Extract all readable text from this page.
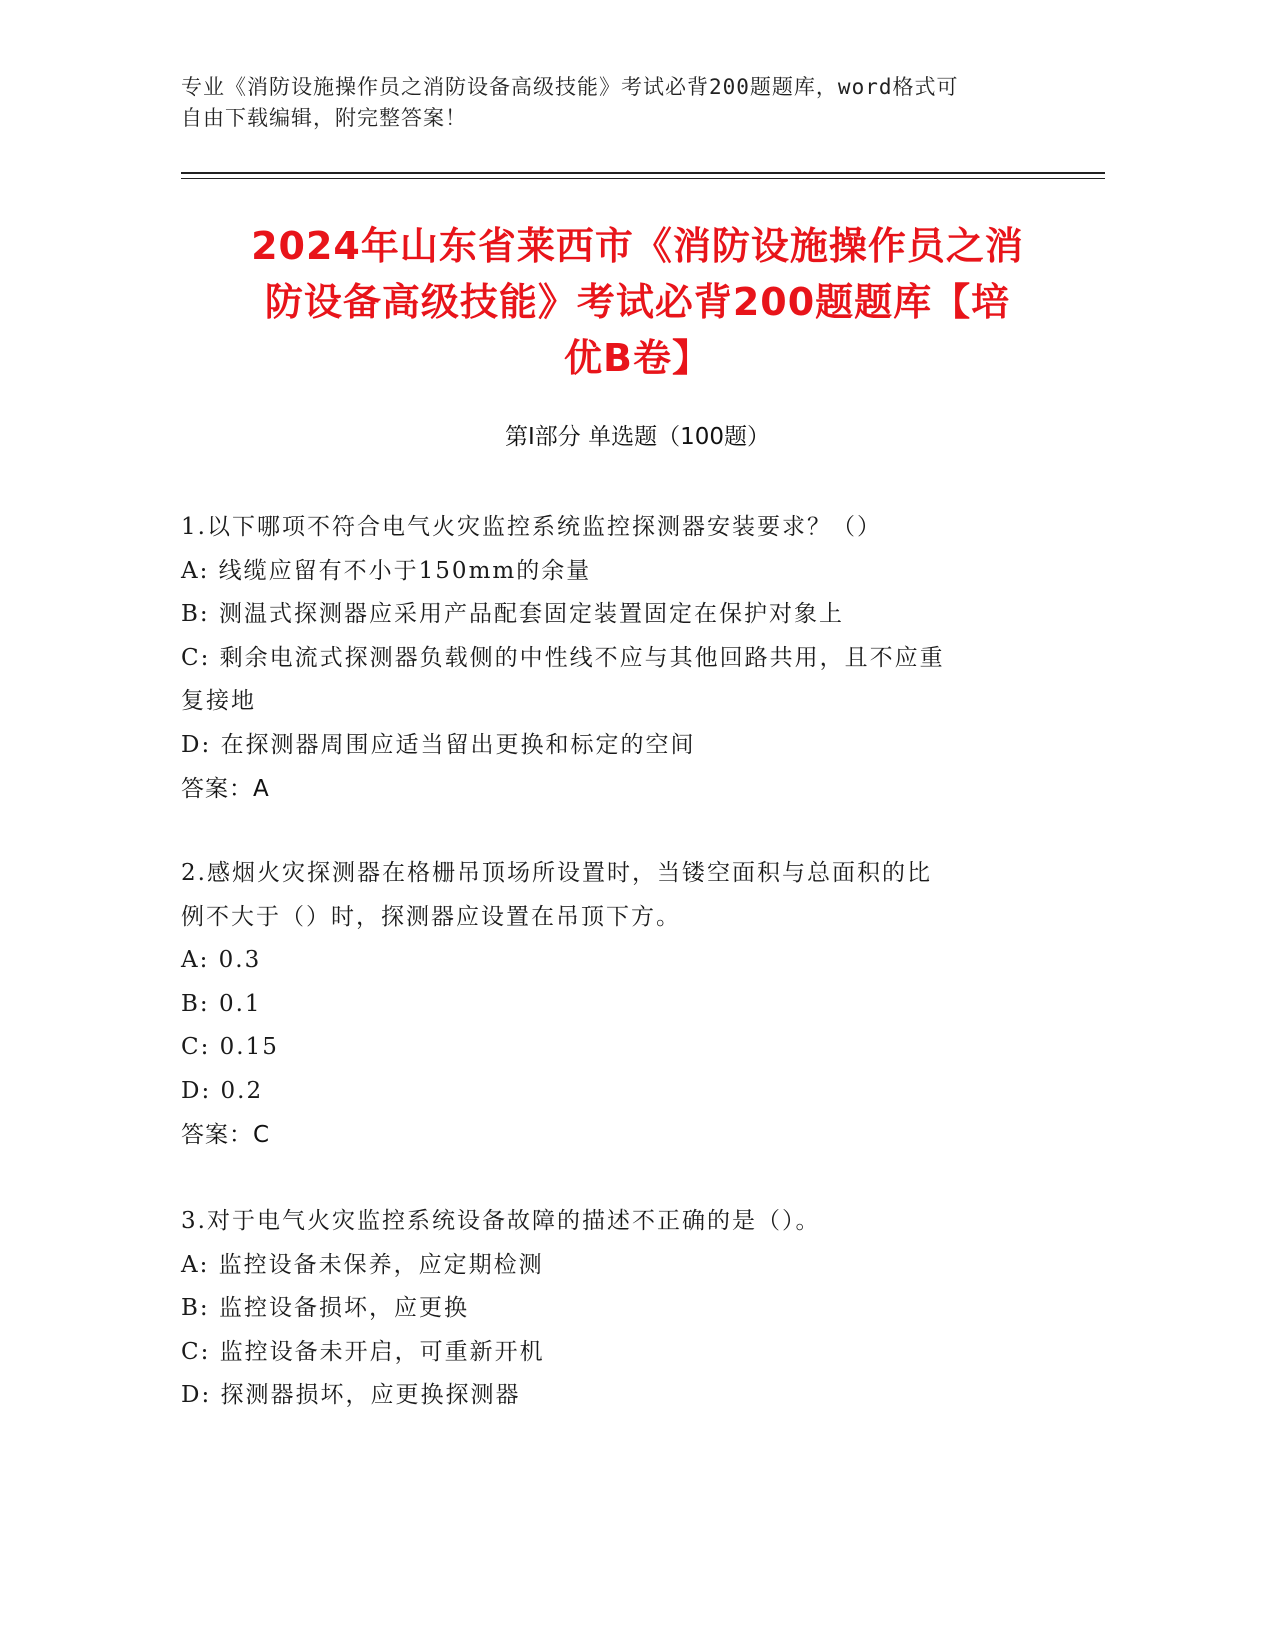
专业《消防设施操作员之消防设备高级技能》考试必背200题题库，word格式可
自由下载编辑，附完整答案！
2024年山东省莱西市《消防设施操作员之消
防设备高级技能》考试必背200题题库【培
优B卷】
第Ⅰ部分 单选题（100题）
1.以下哪项不符合电气火灾监控系统监控探测器安装要求？（）
A: 线缆应留有不小于150mm的余量
B: 测温式探测器应采用产品配套固定装置固定在保护对象上
C: 剩余电流式探测器负载侧的中性线不应与其他回路共用，且不应重
复接地
D: 在探测器周围应适当留出更换和标定的空间
答案：A
2.感烟火灾探测器在格栅吊顶场所设置时，当镂空面积与总面积的比
例不大于（）时，探测器应设置在吊顶下方。
A: 0.3
B: 0.1
C: 0.15
D: 0.2
答案：C
3.对于电气火灾监控系统设备故障的描述不正确的是（）。
A: 监控设备未保养，应定期检测
B: 监控设备损坏，应更换
C: 监控设备未开启，可重新开机
D: 探测器损坏，应更换探测器
